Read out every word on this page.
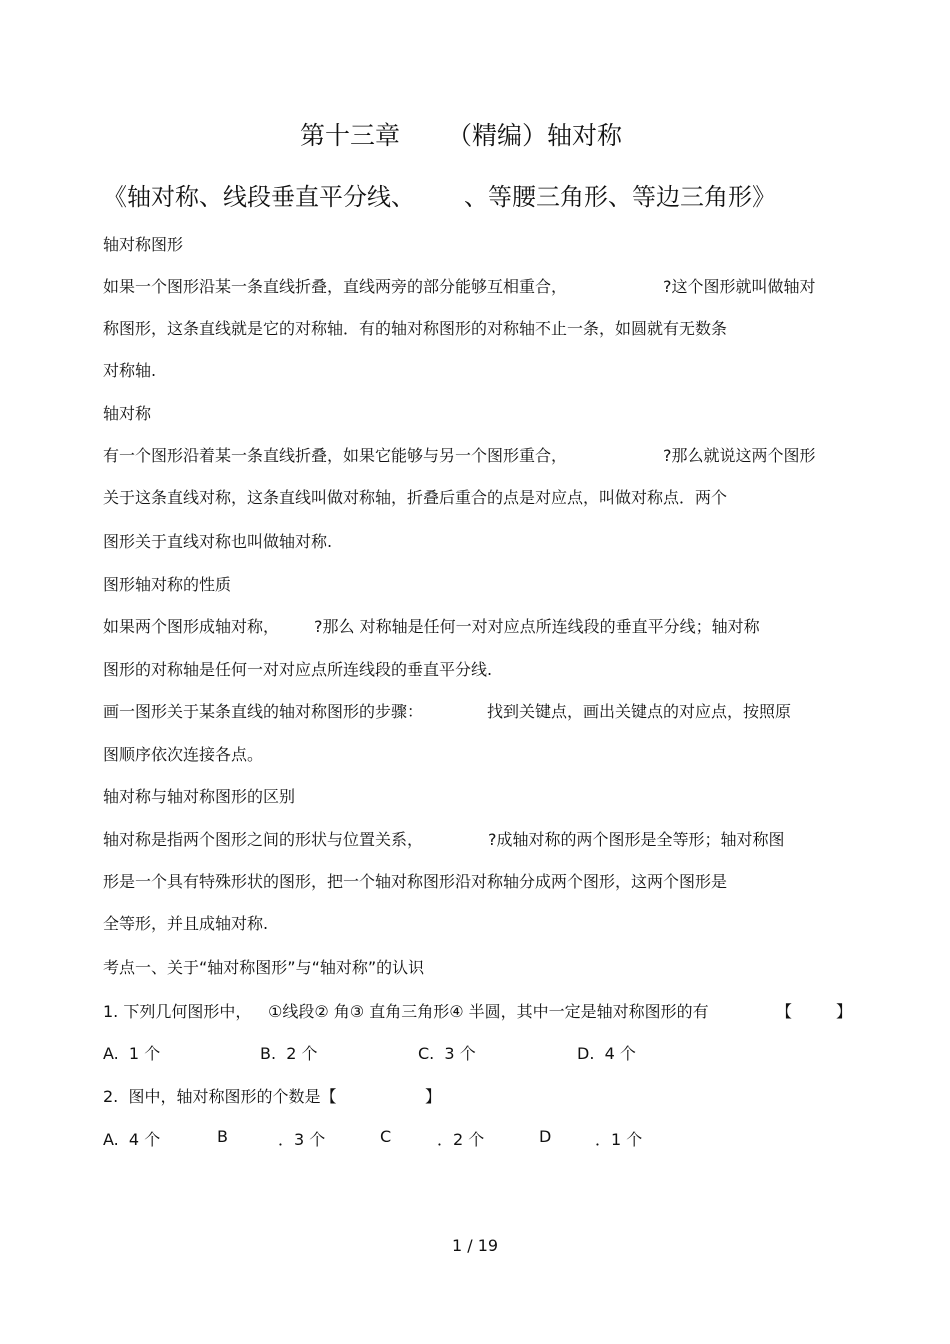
第十三章 （精编）轴对称
《轴对称、线段垂直平分线、 、等腰三角形、等边三角形》
轴对称图形
如果一个图形沿某一条直线折叠，直线两旁的部分能够互相重合，	?这个图形就叫做轴对
称图形，这条直线就是它的对称轴．有的轴对称图形的对称轴不止一条，如圆就有无数条
对称轴.
轴对称
有一个图形沿着某一条直线折叠，如果它能够与另一个图形重合，	?那么就说这两个图形
关于这条直线对称，这条直线叫做对称轴，折叠后重合的点是对应点，叫做对称点．两个
图形关于直线对称也叫做轴对称.
图形轴对称的性质
如果两个图形成轴对称， ?那么 对称轴是任何一对对应点所连线段的垂直平分线；轴对称
图形的对称轴是任何一对对应点所连线段的垂直平分线.
画一图形关于某条直线的轴对称图形的步骤：	找到关键点，画出关键点的对应点，按照原
图顺序依次连接各点。
轴对称与轴对称图形的区别
轴对称是指两个图形之间的形状与位置关系，	?成轴对称的两个图形是全等形；轴对称图
形是一个具有特殊形状的图形，把一个轴对称图形沿对称轴分成两个图形，这两个图形是
全等形，并且成轴对称.
考点一、关于“轴对称图形”与“轴对称”的认识
1. 下列几何图形中， ①线段② 角③ 直角三角形④ 半圆，其中一定是轴对称图形的有	【	】
A.  1 个	B.  2 个	C.  3 个	D.  4 个
2.  图中，轴对称图形的个数是【	】
A.  4 个	B	．3 个	C	．2 个	D	．1 个
1 / 19
